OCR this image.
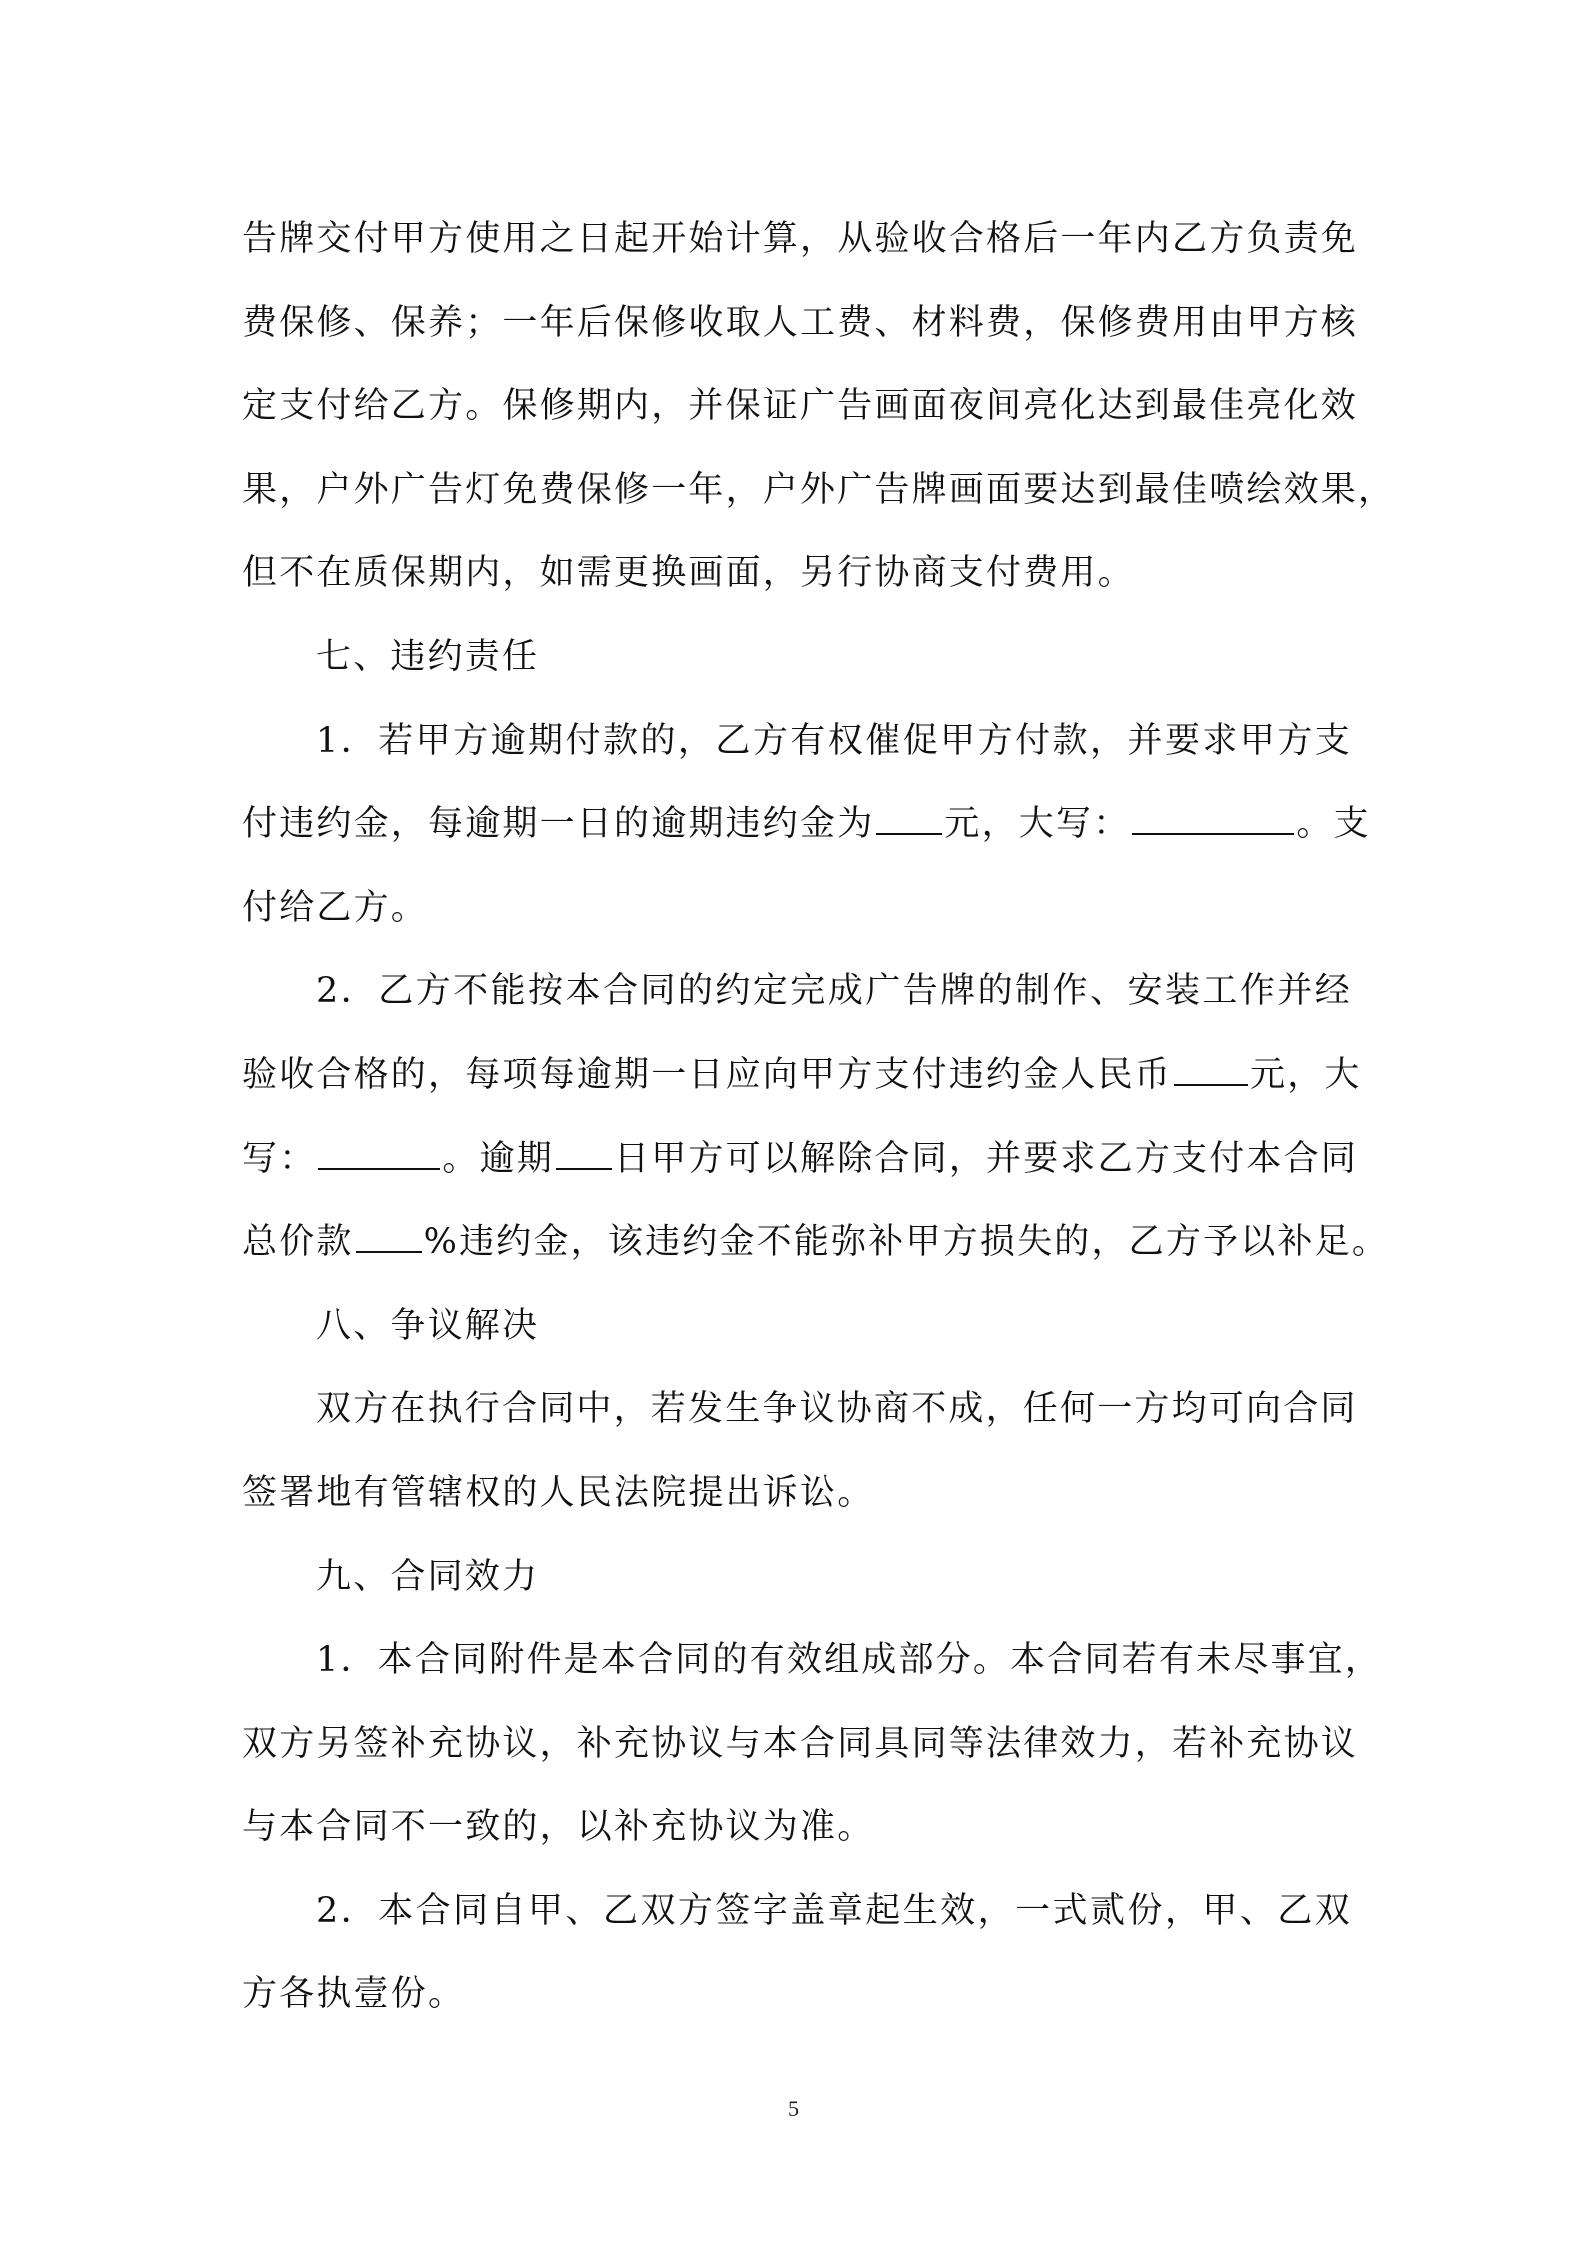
告牌交付甲方使用之日起开始计算，从验收合格后一年内乙方负责免
费保修、保养；一年后保修收取人工费、材料费，保修费用由甲方核
定支付给乙方。保修期内，并保证广告画面夜间亮化达到最佳亮化效
果，户外广告灯免费保修一年，户外广告牌画面要达到最佳喷绘效果，
但不在质保期内，如需更换画面，另行协商支付费用。
七、违约责任
1．若甲方逾期付款的，乙方有权催促甲方付款，并要求甲方支
付违约金，每逾期一日的逾期违约金为 元，大写：	。支
付给乙方。
2．乙方不能按本合同的约定完成广告牌的制作、安装工作并经
验收合格的，每项每逾期一日应向甲方支付违约金人民币 元，大
写：	。逾期 日甲方可以解除合同，并要求乙方支付本合同
总价款 %违约金，该违约金不能弥补甲方损失的，乙方予以补足。
八、争议解决
双方在执行合同中，若发生争议协商不成，任何一方均可向合同
签署地有管辖权的人民法院提出诉讼。
九、合同效力
1．本合同附件是本合同的有效组成部分。本合同若有未尽事宜，
双方另签补充协议，补充协议与本合同具同等法律效力，若补充协议
与本合同不一致的，以补充协议为准。
2．本合同自甲、乙双方签字盖章起生效，一式贰份，甲、乙双
方各执壹份。
5
